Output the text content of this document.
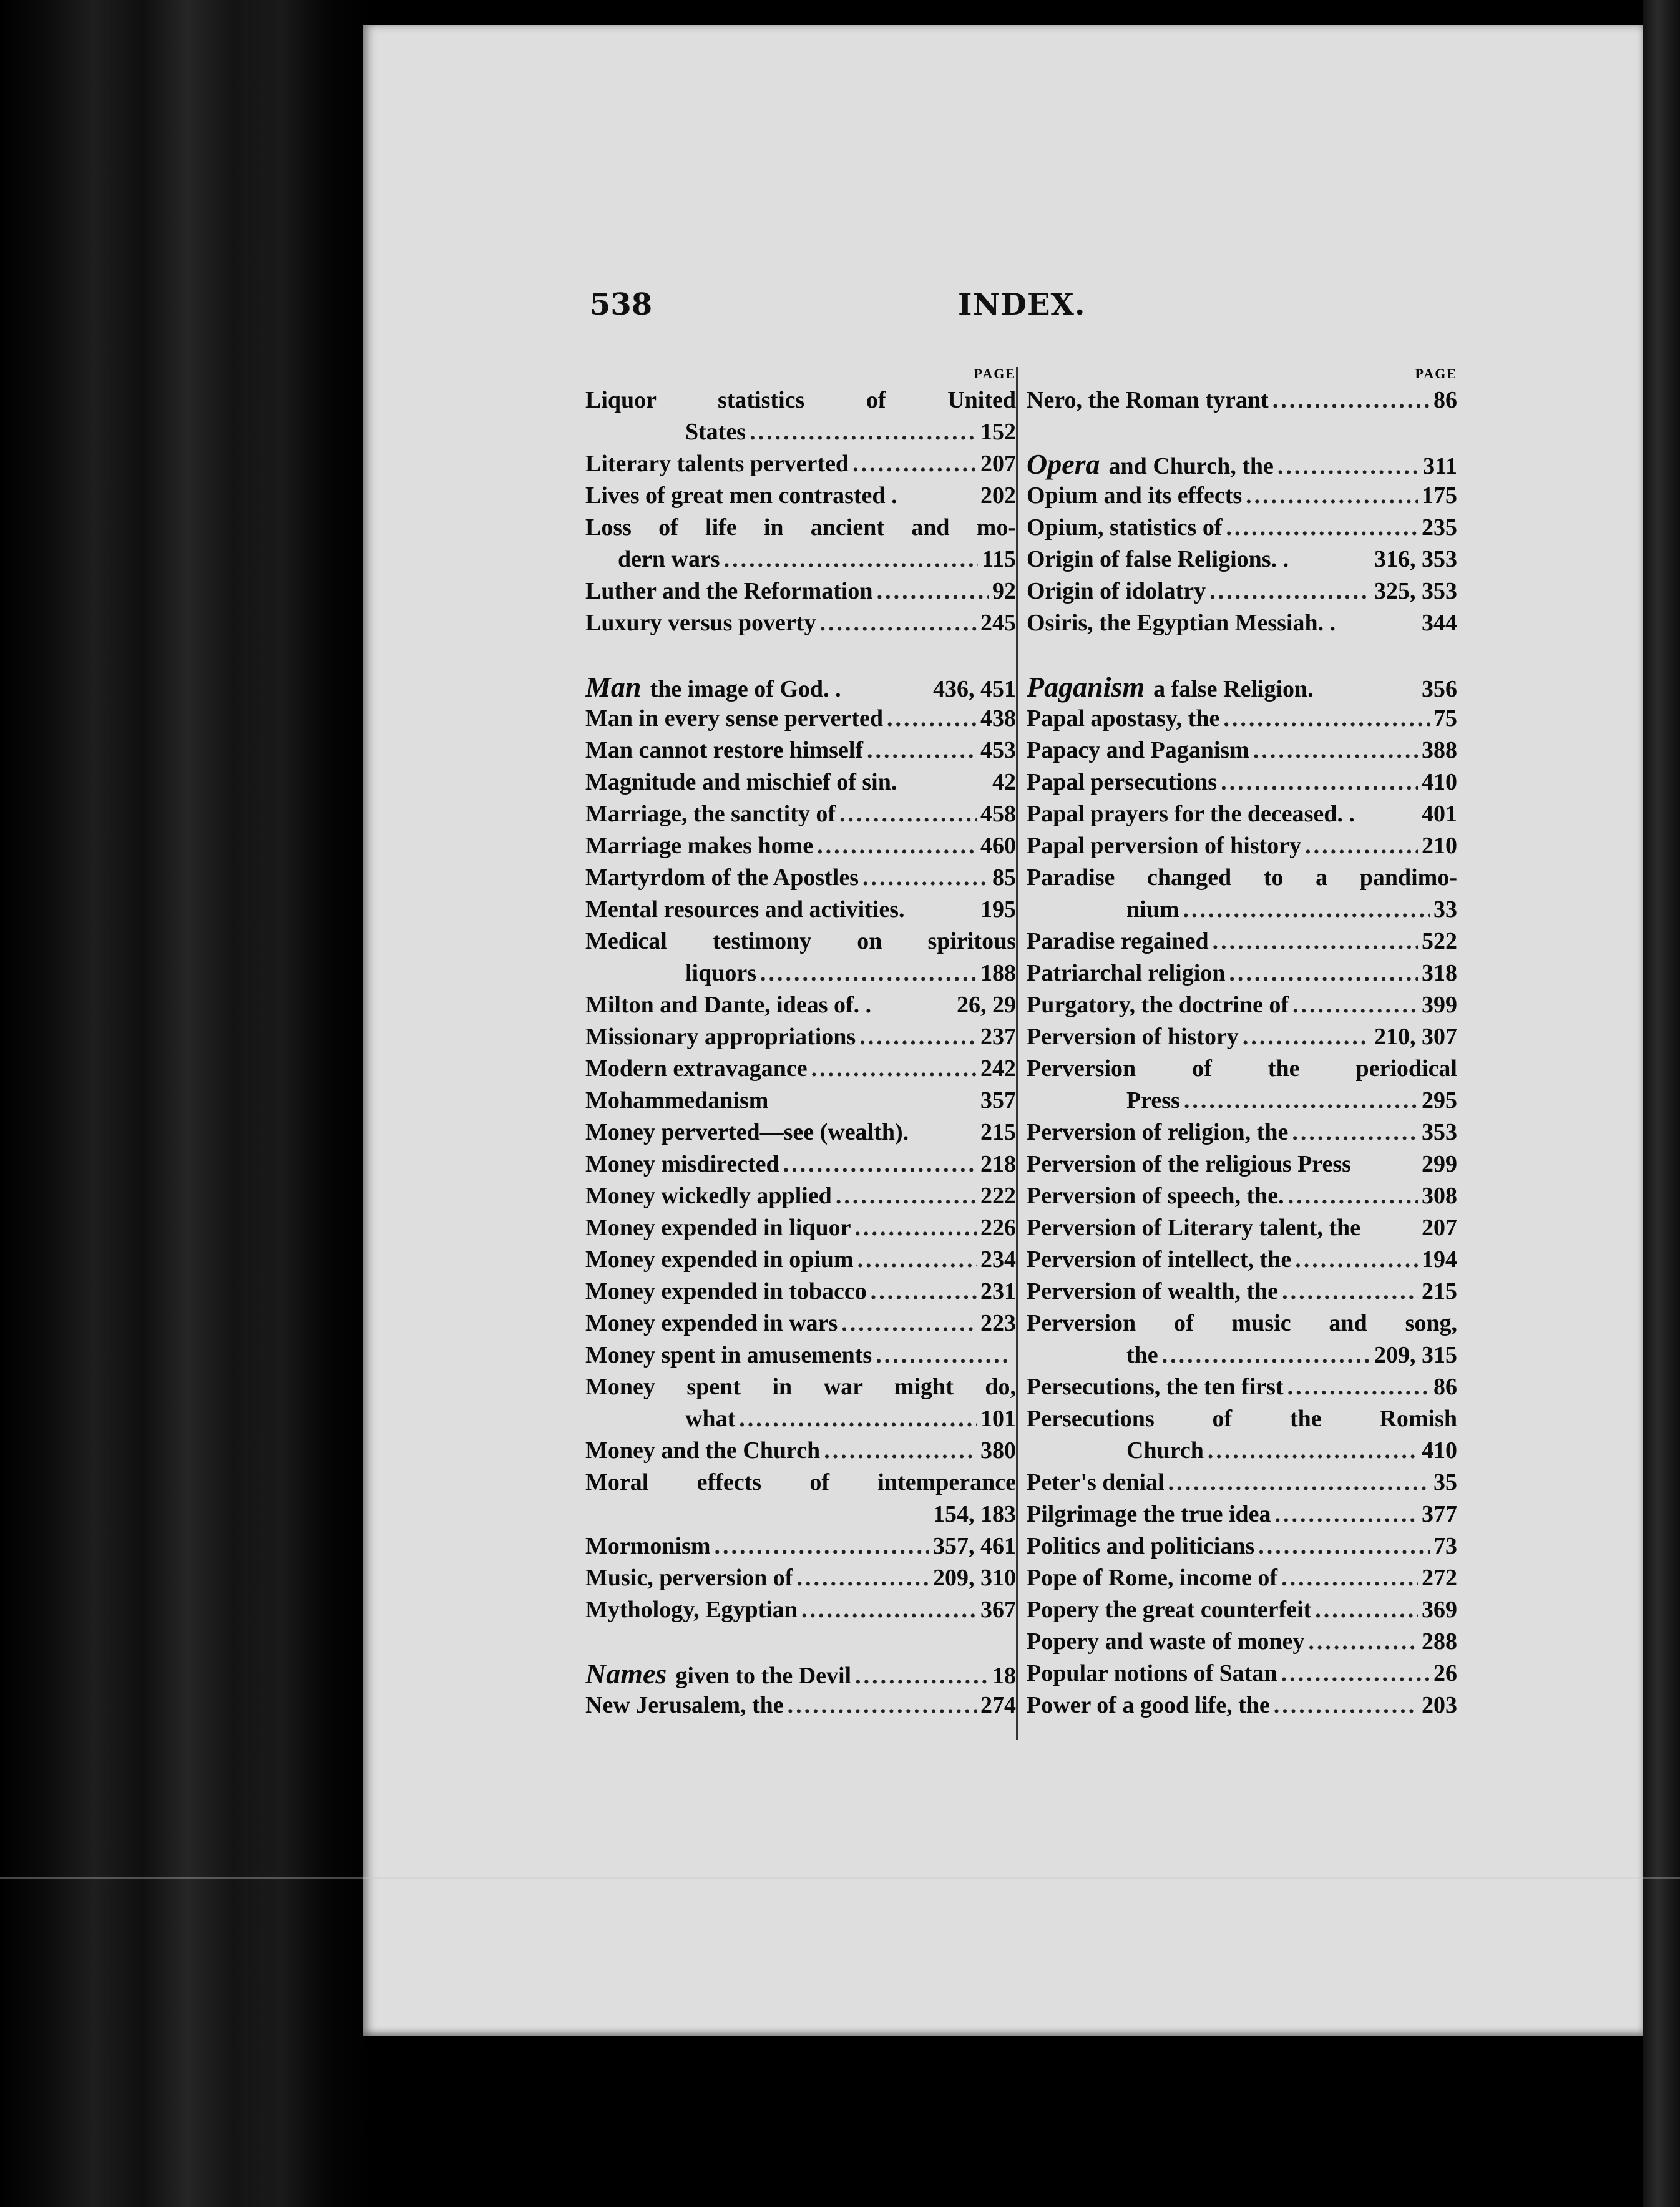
538	INDEX.
PAGE
Liquor statistics of United
States .....	152
Literary talents perverted .....	207
Lives of great men contrasted .	202
Loss of life in ancient and mo-
dern wars .....	115
Luther and the Reformation .....	92
Luxury versus poverty .....	245
Man the image of God. .	436, 451
Man in every sense perverted .....	438
Man cannot restore himself .....	453
Magnitude and mischief of sin.	42
Marriage, the sanctity of .....	458
Marriage makes home .....	460
Martyrdom of the Apostles .....	85
Mental resources and activities.	195
Medical testimony on spiritous
liquors .....	188
Milton and Dante, ideas of. .	26, 29
Missionary appropriations .....	237
Modern extravagance .....	242
Mohammedanism	357
Money perverted—see (wealth).	215
Money misdirected .....	218
Money wickedly applied .....	222
Money expended in liquor .....	226
Money expended in opium .....	234
Money expended in tobacco .....	231
Money expended in wars .....	223
Money spent in amusements
.....
Money spent in war might do,
what .....	101
Money and the Church .....	380
Moral effects of intemperance
154, 183
Mormonism .....	357, 461
Music, perversion of .....	209, 310
Mythology, Egyptian .....	367
Names given to the Devil .....	18
New Jerusalem, the .....	274
PAGE
Nero, the Roman tyrant .....	86
Opera and Church, the .....	311
Opium and its effects .....	175
Opium, statistics of .....	235
Origin of false Religions. .	316, 353
Origin of idolatry .....	325, 353
Osiris, the Egyptian Messiah. .	344
Paganism a false Religion.	356
Papal apostasy, the .....	75
Papacy and Paganism .....	388
Papal persecutions .....	410
Papal prayers for the deceased. .	401
Papal perversion of history .....	210
Paradise changed to a pandimo-
nium .....	33
Paradise regained .....	522
Patriarchal religion .....	318
Purgatory, the doctrine of .....	399
Perversion of history .....	210, 307
Perversion of the periodical
Press .....	295
Perversion of religion, the .....	353
Perversion of the religious Press	299
Perversion of speech, the. .....	308
Perversion of Literary talent, the	207
Perversion of intellect, the .....	194
Perversion of wealth, the .....	215
Perversion of music and song,
the .....	209, 315
Persecutions, the ten first .....	86
Persecutions of the Romish
Church .....	410
Peter's denial .....	35
Pilgrimage the true idea .....	377
Politics and politicians .....	73
Pope of Rome, income of .....	272
Popery the great counterfeit .....	369
Popery and waste of money .....	288
Popular notions of Satan .....	26
Power of a good life, the .....	203
